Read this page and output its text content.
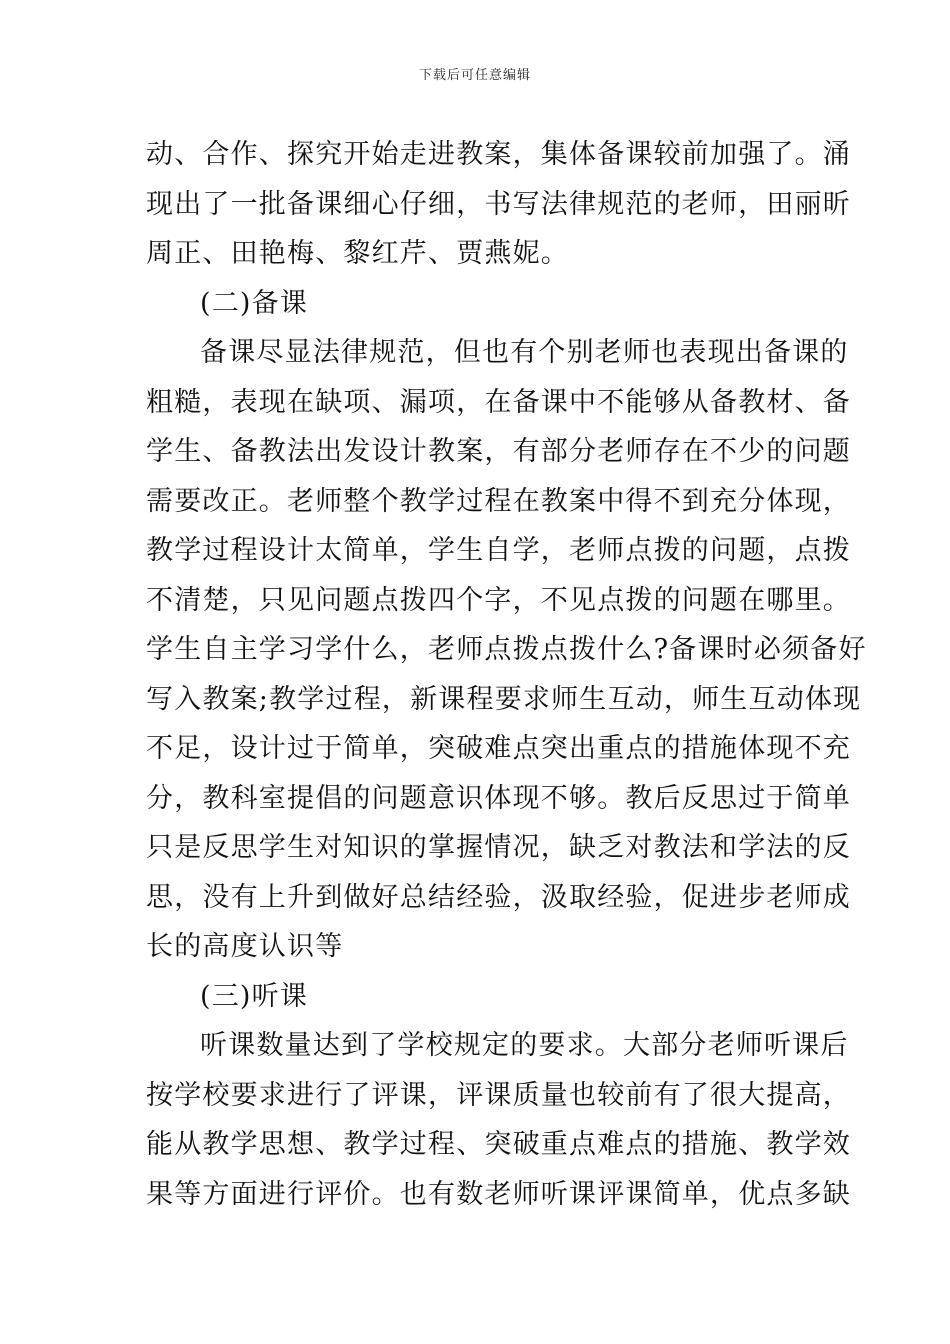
下载后可任意编辑
动、合作、探究开始走进教案，集体备课较前加强了。涌
现出了一批备课细心仔细，书写法律规范的老师，田丽昕
周正、田艳梅、黎红芹、贾燕妮。
(二)备课
备课尽显法律规范，但也有个别老师也表现出备课的
粗糙，表现在缺项、漏项，在备课中不能够从备教材、备
学生、备教法出发设计教案，有部分老师存在不少的问题
需要改正。老师整个教学过程在教案中得不到充分体现，
教学过程设计太简单，学生自学，老师点拨的问题，点拨
不清楚，只见问题点拨四个字，不见点拨的问题在哪里。
学生自主学习学什么，老师点拨点拨什么?备课时必须备好
写入教案;教学过程，新课程要求师生互动，师生互动体现
不足，设计过于简单，突破难点突出重点的措施体现不充
分，教科室提倡的问题意识体现不够。教后反思过于简单
只是反思学生对知识的掌握情况，缺乏对教法和学法的反
思，没有上升到做好总结经验，汲取经验，促进步老师成
长的高度认识等
(三)听课
听课数量达到了学校规定的要求。大部分老师听课后
按学校要求进行了评课，评课质量也较前有了很大提高，
能从教学思想、教学过程、突破重点难点的措施、教学效
果等方面进行评价。也有数老师听课评课简单，优点多缺
